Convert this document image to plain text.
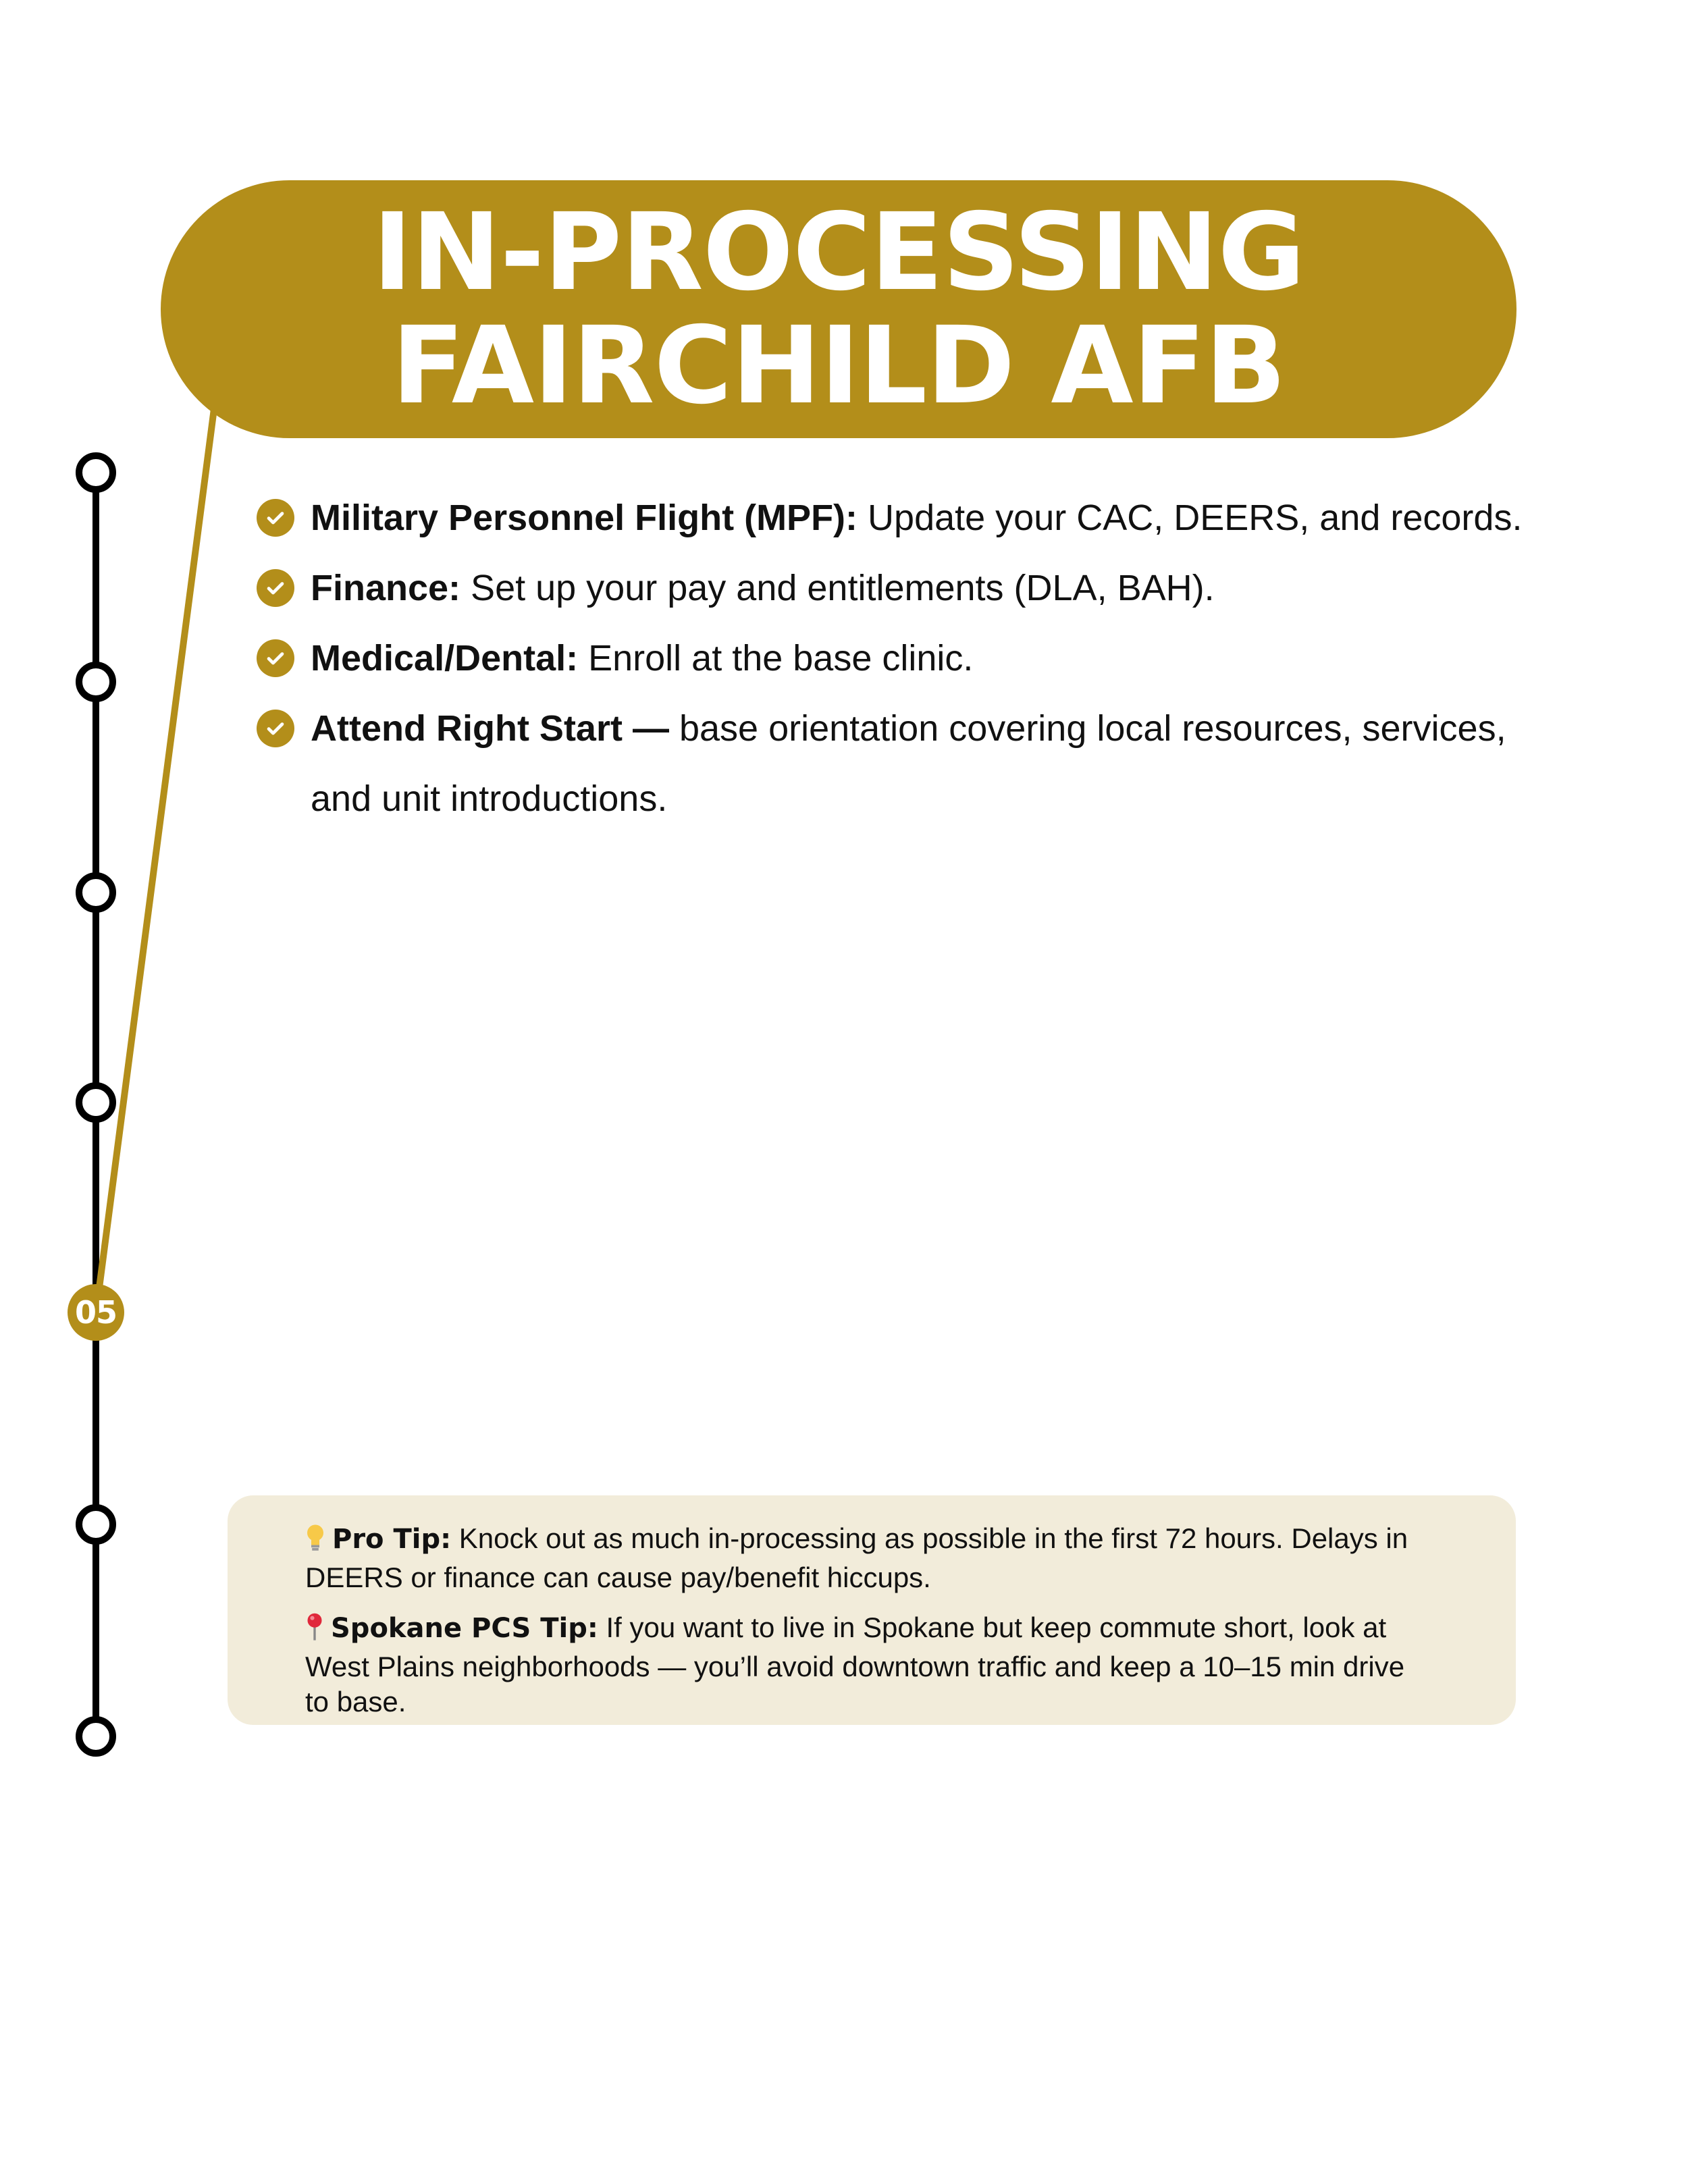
IN-PROCESSING
FAIRCHILD AFB
05
Military Personnel Flight (MPF): Update your CAC, DEERS, and records.
Finance: Set up your pay and entitlements (DLA, BAH).
Medical/Dental: Enroll at the base clinic.
Attend Right Start — base orientation covering local resources, services, and unit introductions.
Pro Tip: Knock out as much in-processing as possible in the first 72 hours. Delays in DEERS or finance can cause pay/benefit hiccups.
Spokane PCS Tip: If you want to live in Spokane but keep commute short, look at West Plains neighborhoods — you’ll avoid downtown traffic and keep a 10–15 min drive to base.
